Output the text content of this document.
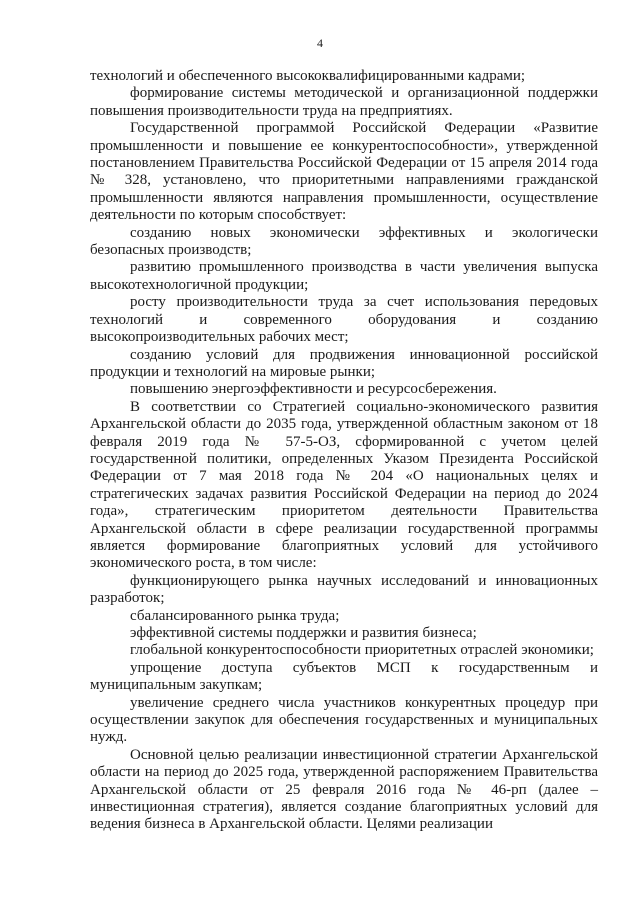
4

технологий и обеспеченного высококвалифицированными кадрами;

формирование системы методической и организационной поддержки повышения производительности труда на предприятиях.

Государственной программой Российской Федерации «Развитие промышленности и повышение ее конкурентоспособности», утвержденной постановлением Правительства Российской Федерации от 15 апреля 2014 года № 328, установлено, что приоритетными направлениями гражданской промышленности являются направления промышленности, осуществление деятельности по которым способствует:

созданию новых экономически эффективных и экологически безопасных производств;

развитию промышленного производства в части увеличения выпуска высокотехнологичной продукции;

росту производительности труда за счет использования передовых технологий и современного оборудования и созданию высокопроизводительных рабочих мест;

созданию условий для продвижения инновационной российской продукции и технологий на мировые рынки;

повышению энергоэффективности и ресурсосбережения.

В соответствии со Стратегией социально-экономического развития Архангельской области до 2035 года, утвержденной областным законом от 18 февраля 2019 года № 57-5-ОЗ, сформированной с учетом целей государственной политики, определенных Указом Президента Российской Федерации от 7 мая 2018 года № 204 «О национальных целях и стратегических задачах развития Российской Федерации на период до 2024 года», стратегическим приоритетом деятельности Правительства Архангельской области в сфере реализации государственной программы является формирование благоприятных условий для устойчивого экономического роста, в том числе:

функционирующего рынка научных исследований и инновационных разработок;

сбалансированного рынка труда;

эффективной системы поддержки и развития бизнеса;

глобальной конкурентоспособности приоритетных отраслей экономики;

упрощение доступа субъектов МСП к государственным и муниципальным закупкам;

увеличение среднего числа участников конкурентных процедур при осуществлении закупок для обеспечения государственных и муниципальных нужд.

Основной целью реализации инвестиционной стратегии Архангельской области на период до 2025 года, утвержденной распоряжением Правительства Архангельской области от 25 февраля 2016 года № 46-рп (далее – инвестиционная стратегия), является создание благоприятных условий для ведения бизнеса в Архангельской области. Целями реализации
